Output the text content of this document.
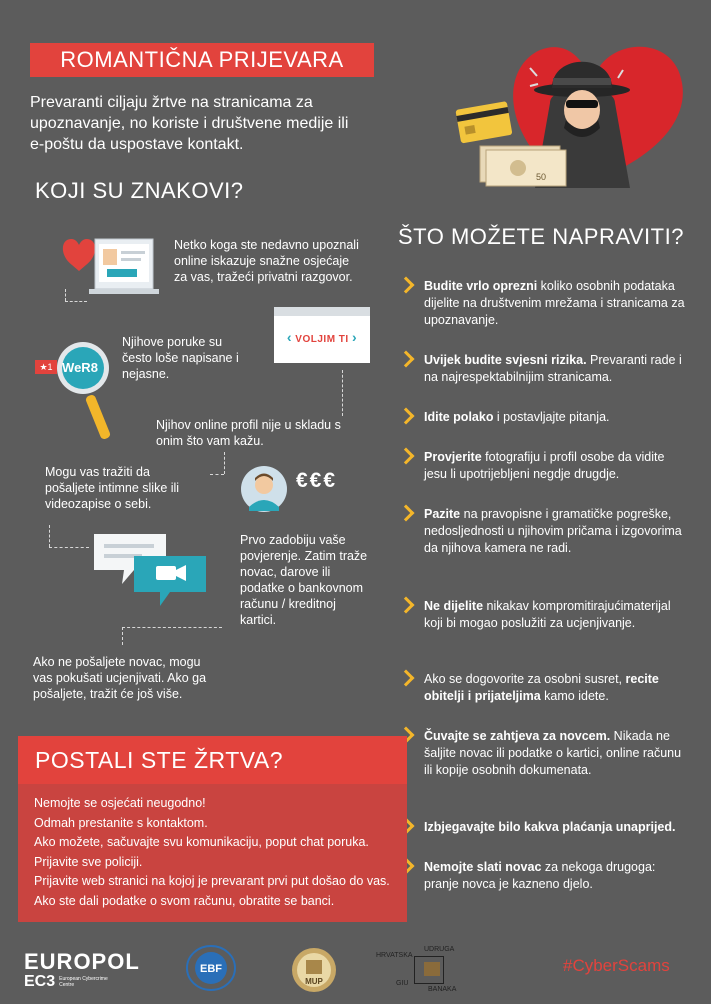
ROMANTIČNA PRIJEVARA
Prevaranti ciljaju žrtve na stranicama za upoznavanje, no koriste i društvene medije ili e-poštu da uspostave kontakt.
50
KOJI SU ZNAKOVI?
Netko koga ste nedavno upoznali online iskazuje snažne osjećaje za vas, tražeći privatni razgovor.
‹ VOLJIM TI ›
★1 WeR8
Njihove poruke su često loše napisane i nejasne.
Njihov online profil nije u skladu s onim što vam kažu.
€€€
Mogu vas tražiti da pošaljete intimne slike ili videozapise o sebi.
Prvo zadobiju vaše povjerenje. Zatim traže novac, darove ili podatke o bankovnom računu / kreditnoj kartici.
Ako ne pošaljete novac, mogu vas pokušati ucjenjivati. Ako ga pošaljete, tražit će još više.
ŠTO MOŽETE NAPRAVITI?
Budite vrlo oprezni koliko osobnih podataka dijelite na društvenim mrežama i stranicama za upoznavanje.
Uvijek budite svjesni rizika. Prevaranti rade i na najrespektabilnijim stranicama.
Idite polako i postavljajte pitanja.
Provjerite fotografiju i profil osobe da vidite jesu li upotrijebljeni negdje drugdje.
Pazite na pravopisne i gramatičke pogreške, nedosljednosti u njihovim pričama i izgovorima da njihova kamera ne radi.
Ne dijelite nikakav kompromitirajućimaterijal koji bi mogao poslužiti za ucjenjivanje.
Ako se dogovorite za osobni susret, recite obitelji i prijateljima kamo idete.
Čuvajte se zahtjeva za novcem. Nikada ne šaljite novac ili podatke o kartici, online računu ili kopije osobnih dokumenata.
Izbjegavajte bilo kakva plaćanja unaprijed.
Nemojte slati novac za nekoga drugoga: pranje novca je kazneno djelo.
POSTALI STE ŽRTVA?
Nemojte se osjećati neugodno!
Odmah prestanite s kontaktom.
Ako možete, sačuvajte svu komunikaciju, poput chat poruka.
Prijavite sve policiji.
Prijavite web stranici na kojoj je prevarant prvi put došao do vas.
Ako ste dali podatke o svom računu, obratite se banci.
EUROPOL
EC3 European Cybercrime Centre
EBF
MUP
HRVATSKA
UDRUGA
GIU
BANAKA
#CyberScams
